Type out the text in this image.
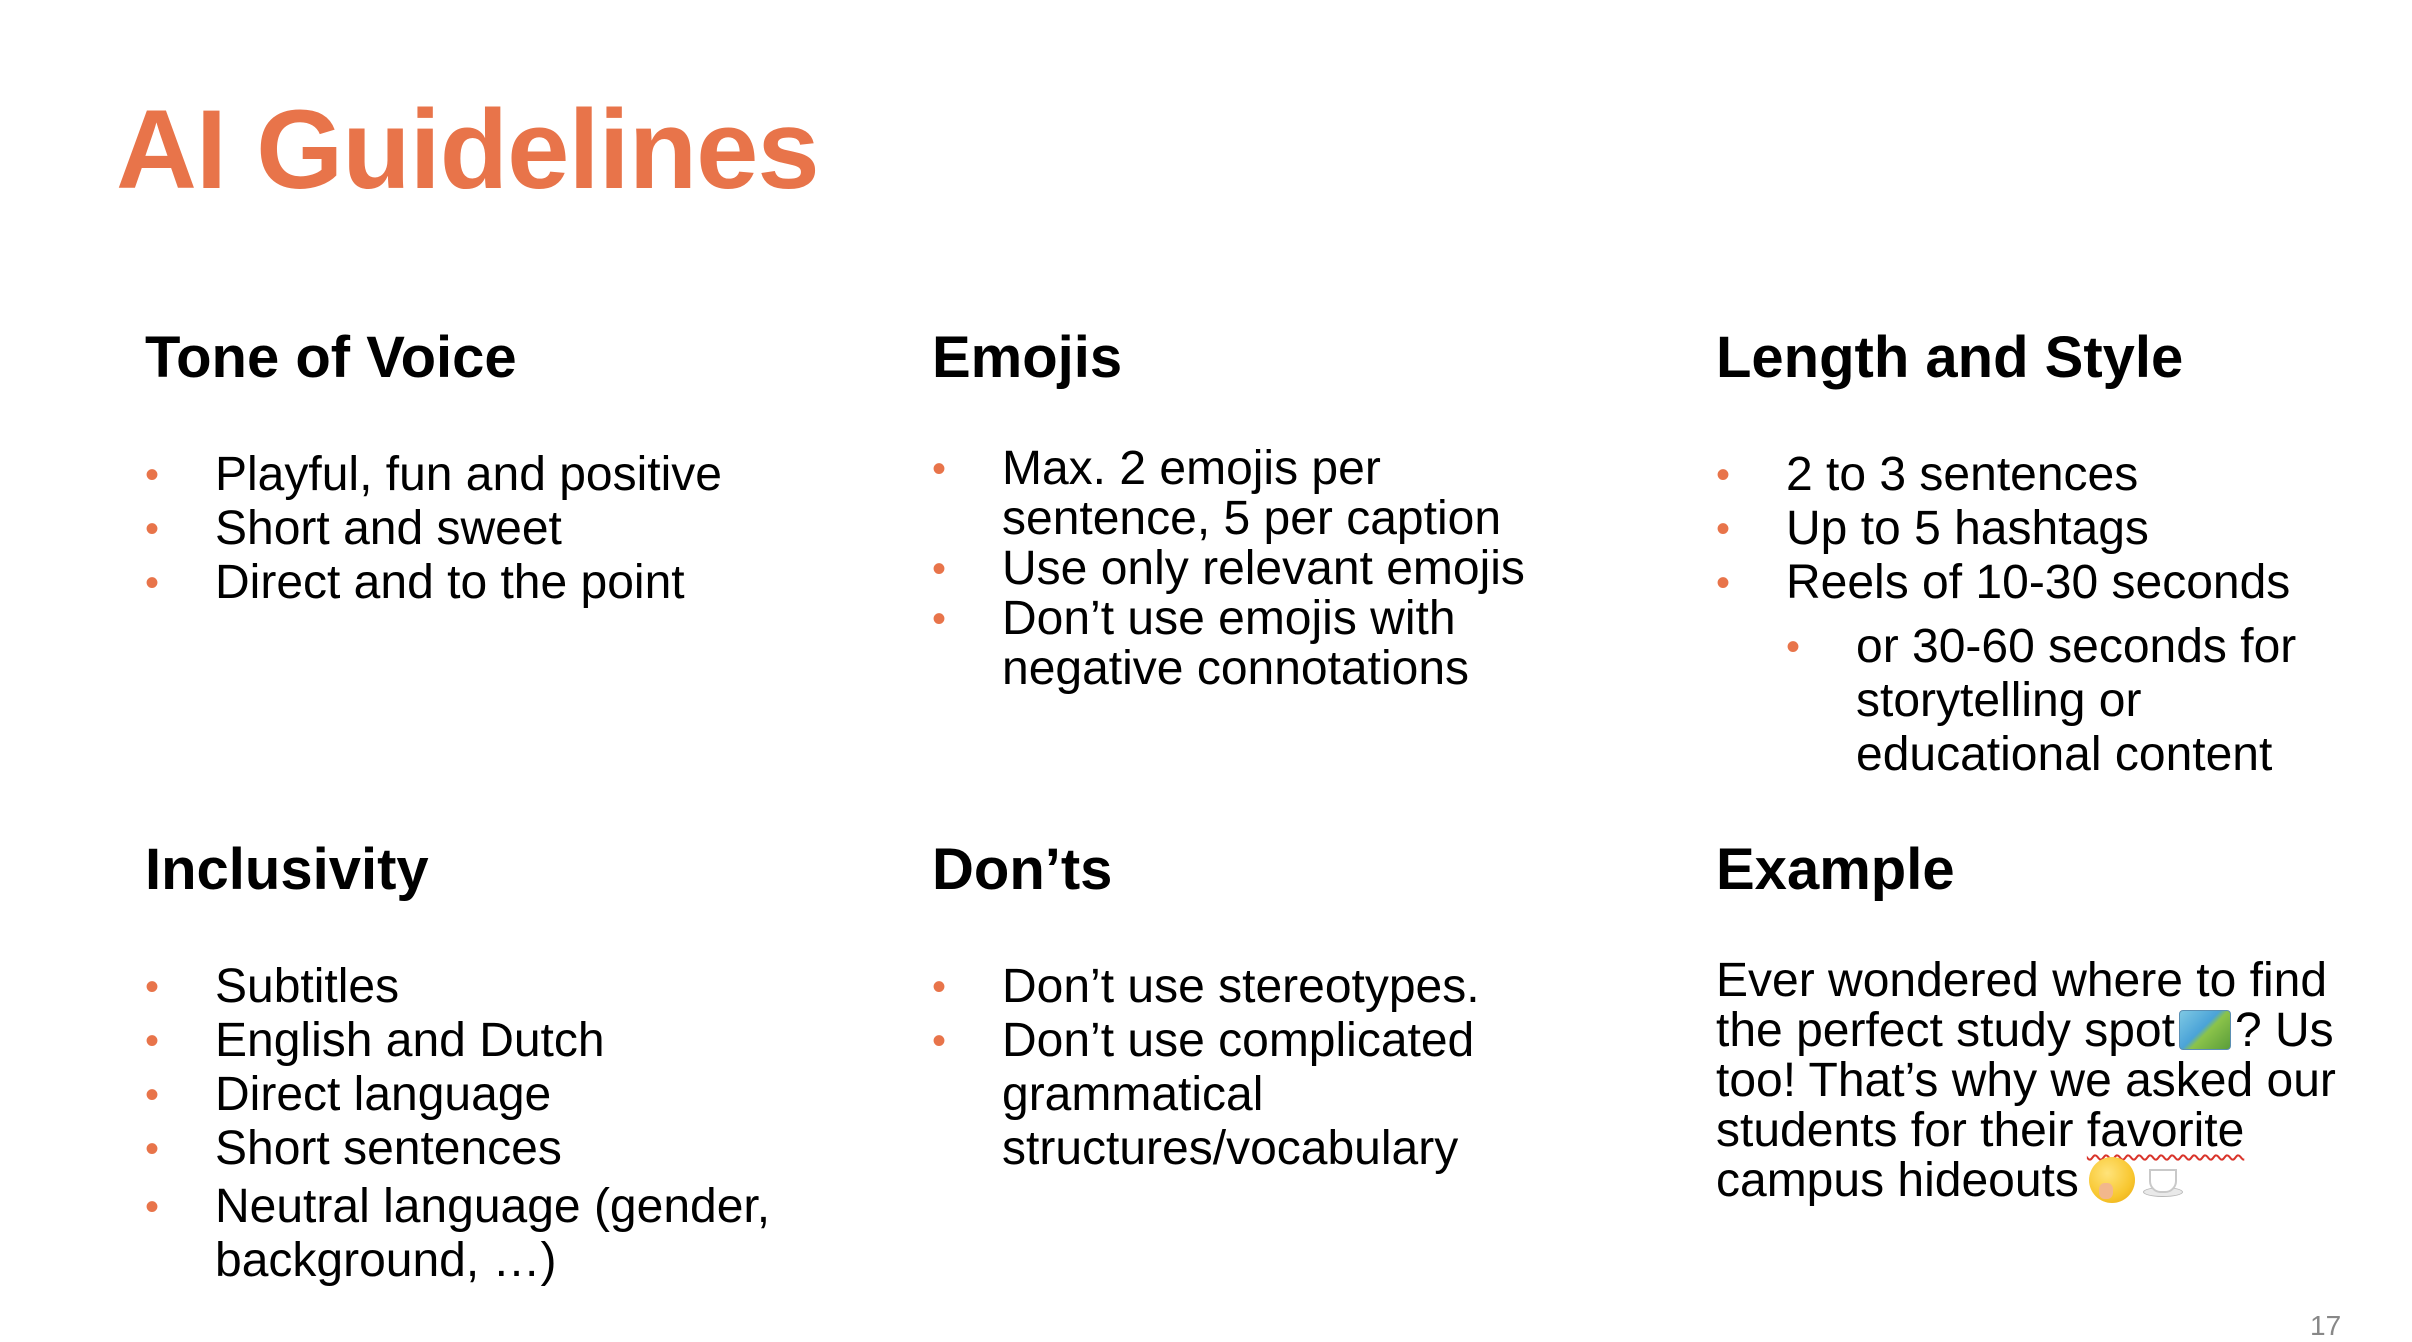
AI Guidelines
Tone of Voice
• Playful, fun and positive
• Short and sweet
• Direct and to the point
Emojis
• Max. 2 emojis per sentence, 5 per caption
• Use only relevant emojis
• Don’t use emojis with negative connotations
Length and Style
• 2 to 3 sentences
• Up to 5 hashtags
• Reels of 10-30 seconds
• or 30-60 seconds for storytelling or educational content
Inclusivity
• Subtitles
• English and Dutch
• Direct language
• Short sentences
• Neutral language (gender, background, …)
Don’ts
• Don’t use stereotypes.
• Don’t use complicated grammatical structures/vocabulary
Example
Ever wondered where to find the perfect study spot ? Us too! That’s why we asked our students for their favorite campus hideouts
17
